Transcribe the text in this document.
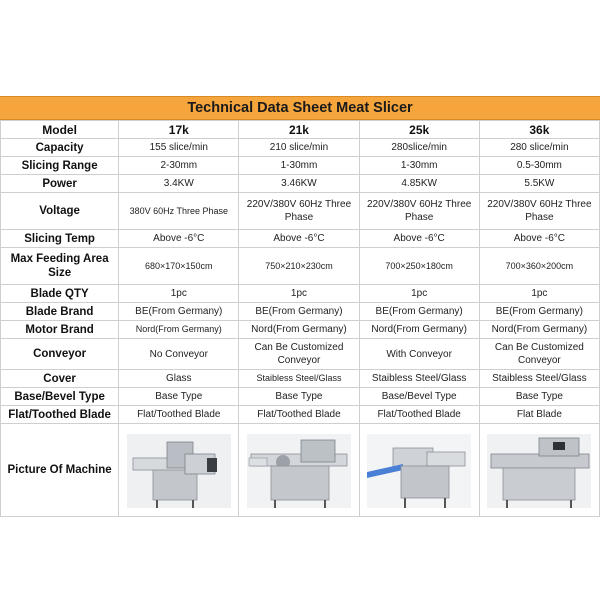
Technical Data Sheet Meat Slicer
Model	17k	21k	25k	36k
Capacity	155 slice/min	210 slice/min	280slice/min	280 slice/min
Slicing Range	2-30mm	1-30mm	1-30mm	0.5-30mm
Power	3.4KW	3.46KW	4.85KW	5.5KW
Voltage	380V 60Hz Three Phase	220V/380V 60Hz Three Phase	220V/380V 60Hz Three Phase	220V/380V 60Hz Three Phase
Slicing Temp	Above -6°C	Above -6°C	Above -6°C	Above -6°C
Max Feeding Area Size	680×170×150cm	750×210×230cm	700×250×180cm	700×360×200cm
Blade QTY	1pc	1pc	1pc	1pc
Blade Brand	BE(From Germany)	BE(From Germany)	BE(From Germany)	BE(From Germany)
Motor Brand	Nord(From Germany)	Nord(From Germany)	Nord(From Germany)	Nord(From Germany)
Conveyor	No Conveyor	Can Be Customized Conveyor	With Conveyor	Can Be Customized Conveyor
Cover	Glass	Staibless Steel/Glass	Staibless Steel/Glass	Staibless Steel/Glass
Base/Bevel Type	Base Type	Base Type	Base/Bevel Type	Base Type
Flat/Toothed Blade	Flat/Toothed Blade	Flat/Toothed Blade	Flat/Toothed Blade	Flat Blade
Picture Of Machine	
